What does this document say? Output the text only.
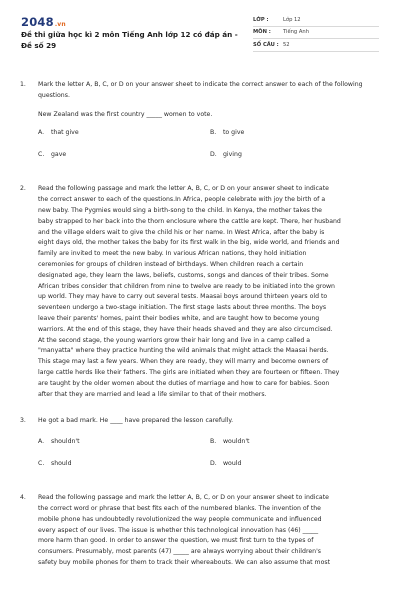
2048.vn
Đề thi giữa học kì 2 môn Tiếng Anh lớp 12 có đáp án - Đề số 29
LỚP :	Lớp 12
MÔN :	Tiếng Anh
SỐ CÂU : 52
1. Mark the letter A, B, C, or D on your answer sheet to indicate the correct answer to each of the following questions.

New Zealand was the first country _____ women to vote.

A. that give	B. to give
C. gave	D. giving
2. Read the following passage and mark the letter A, B, C, or D on your answer sheet to indicate

the correct answer to each of the questions.In Africa, people celebrate with joy the birth of a

new baby. The Pygmies would sing a birth-song to the child. In Kenya, the mother takes the

baby strapped to her back into the thorn enclosure where the cattle are kept. There, her husband

and the village elders wait to give the child his or her name. In West Africa, after the baby is

eight days old, the mother takes the baby for its first walk in the big, wide world, and friends and

family are invited to meet the new baby. In various African nations, they hold initiation

ceremonies for groups of children instead of birthdays. When children reach a certain

designated age, they learn the laws, beliefs, customs, songs and dances of their tribes. Some

African tribes consider that children from nine to twelve are ready to be initiated into the grown

up world. They may have to carry out several tests. Maasai boys around thirteen years old to

seventeen undergo a two-stage initiation. The first stage lasts about three months. The boys

leave their parents' homes, paint their bodies white, and are taught how to become young

warriors. At the end of this stage, they have their heads shaved and they are also circumcised.

At the second stage, the young warriors grow their hair long and live in a camp called a

"manyatta" where they practice hunting the wild animals that might attack the Maasai herds.

This stage may last a few years. When they are ready, they will marry and become owners of

large cattle herds like their fathers. The girls are initiated when they are fourteen or fifteen. They

are taught by the older women about the duties of marriage and how to care for babies. Soon

after that they are married and lead a life similar to that of their mothers.

3. He got a bad mark. He ____ have prepared the lesson carefully.

A. shouldn't	B. wouldn't
C. should	D. would
4. Read the following passage and mark the letter A, B, C, or D on your answer sheet to indicate

the correct word or phrase that best fits each of the numbered blanks. The invention of the

mobile phone has undoubtedly revolutionized the way people communicate and influenced

every aspect of our lives. The issue is whether this technological innovation has (46) _____

more harm than good. In order to answer the question, we must first turn to the types of

consumers. Presumably, most parents (47) _____ are always worrying about their children's

safety buy mobile phones for them to track their whereabouts. We can also assume that most
